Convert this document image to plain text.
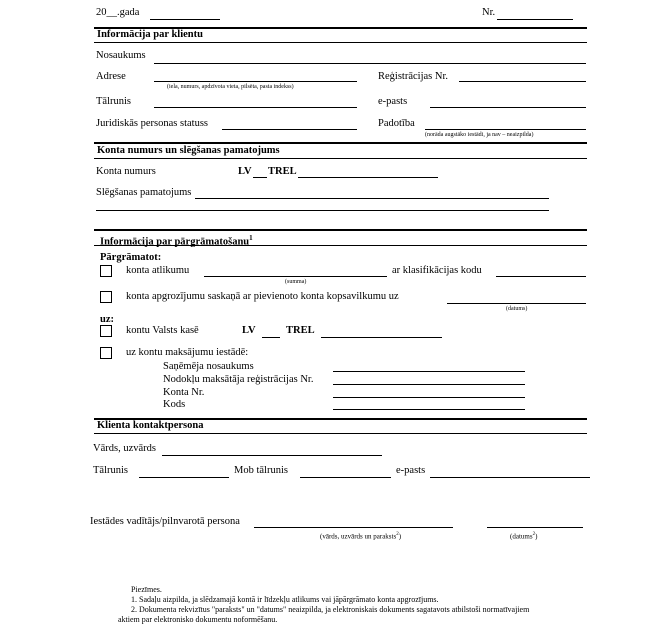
20__.gada	Nr.
Informācija par klientu
Nosaukums
Adrese
(iela, numurs, apdzīvota vieta, pilsēta, pasta indekss)
Reģistrācijas Nr.
Tālrunis	e-pasts
Juridiskās personas statuss	Padotība
(norāda augstāko iestādi, ja nav – neaizpilda)
Konta numurs un slēgšanas pamatojums
Konta numurs	LV TREL
Slēgšanas pamatojums
Informācija par pārgrāmatošanu$^1$
Pārgrāmatot:
konta atlikumu
(summa)
ar klasifikācijas kodu
konta apgrozījumu saskaņā ar pievienoto konta kopsavilkumu uz
(datums)
uz:
kontu Valsts kasē	LV	TREL
uz kontu maksājumu iestādē:
Saņēmēja nosaukums
Nodokļu maksātāja reģistrācijas Nr.
Konta Nr.
Kods
Klienta kontaktpersona
Vārds, uzvārds
Tālrunis	Mob tālrunis	e-pasts
Iestādes vadītājs/pilnvarotā persona
(vārds, uzvārds un paraksts$^2$)	(datums$^2$)
Piezīmes.
1. Sadaļu aizpilda, ja slēdzamajā kontā ir līdzekļu atlikums vai jāpārgrāmato konta apgrozījums.
2. Dokumenta rekvizītus "paraksts" un "datums" neaizpilda, ja elektroniskais dokuments sagatavots atbilstoši normatīvajiem
aktiem par elektronisko dokumentu noformēšanu.
